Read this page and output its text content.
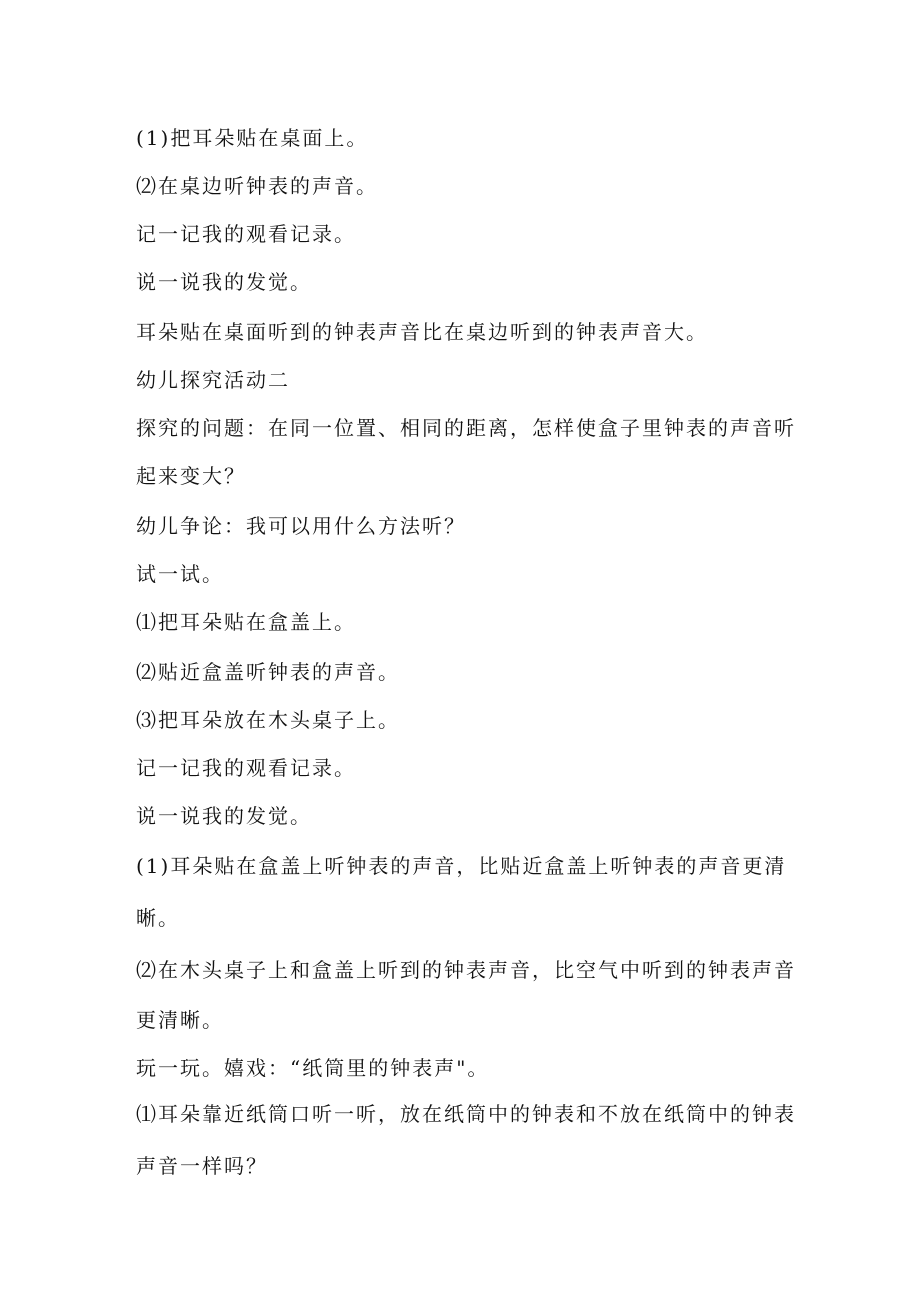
(1)把耳朵贴在桌面上。
⑵在桌边听钟表的声音。
记一记我的观看记录。
说一说我的发觉。
耳朵贴在桌面听到的钟表声音比在桌边听到的钟表声音大。
幼儿探究活动二
探究的问题：在同一位置、相同的距离，怎样使盒子里钟表的声音听
起来变大？
幼儿争论：我可以用什么方法听？
试一试。
⑴把耳朵贴在盒盖上。
⑵贴近盒盖听钟表的声音。
⑶把耳朵放在木头桌子上。
记一记我的观看记录。
说一说我的发觉。
(1)耳朵贴在盒盖上听钟表的声音，比贴近盒盖上听钟表的声音更清
晰。
⑵在木头桌子上和盒盖上听到的钟表声音，比空气中听到的钟表声音
更清晰。
玩一玩。嬉戏：“纸筒里的钟表声"。
⑴耳朵靠近纸筒口听一听，放在纸筒中的钟表和不放在纸筒中的钟表
声音一样吗？
